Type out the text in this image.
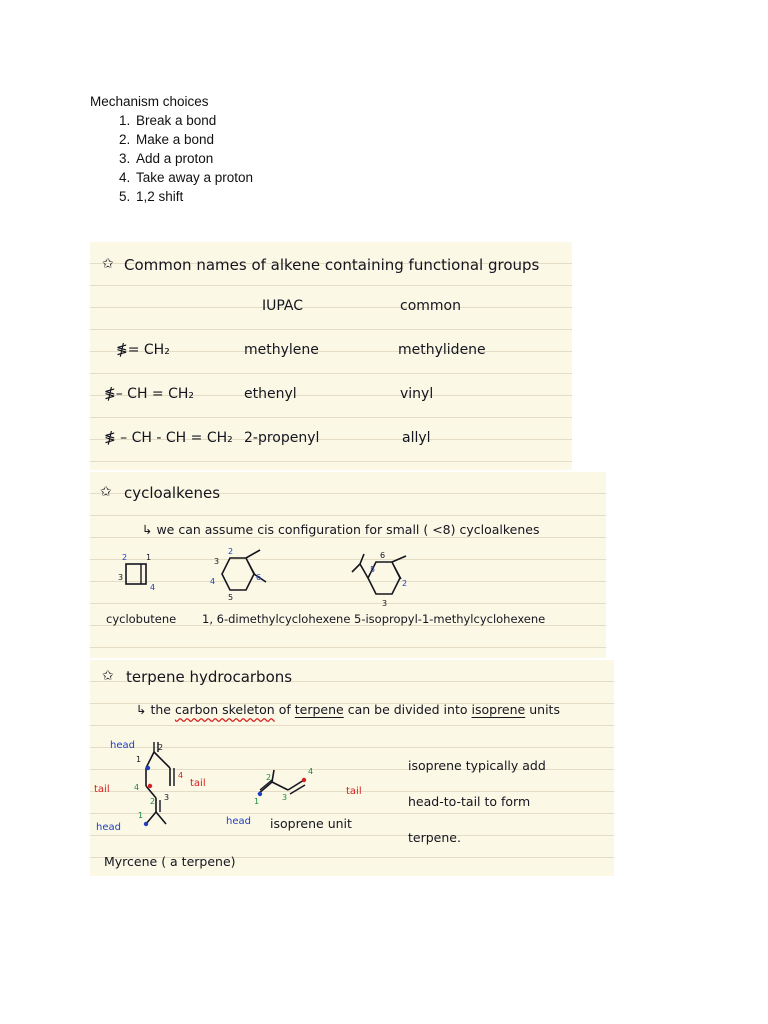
Mechanism choices
1. Break a bond
2. Make a bond
3. Add a proton
4. Take away a proton
5. 1,2 shift
✩ Common names of alkene containing functional groups
IUPAC	common
≸= CH₂	methylene	methylidene
≸– CH = CH₂	ethenyl	vinyl
≸ – CH - CH = CH₂ 2-propenyl	allyl
✩ cycloalkenes
↳ we can assume cis configuration for small ( <8) cycloalkenes
2 1
3
4
2
3
4
5
6
5
6
2
3
cyclobutene 1, 6-dimethylcyclohexene 5-isopropyl-1-methylcyclohexene
✩ terpene hydrocarbons
↳ the carbon skeleton of terpene can be divided into isoprene units
2
1
4
4
3
2
1
head
tail
tail
head
2
3
4
1
tail
head isoprene unit
isoprene typically add
head-to-tail to form
terpene.
Myrcene ( a terpene)
